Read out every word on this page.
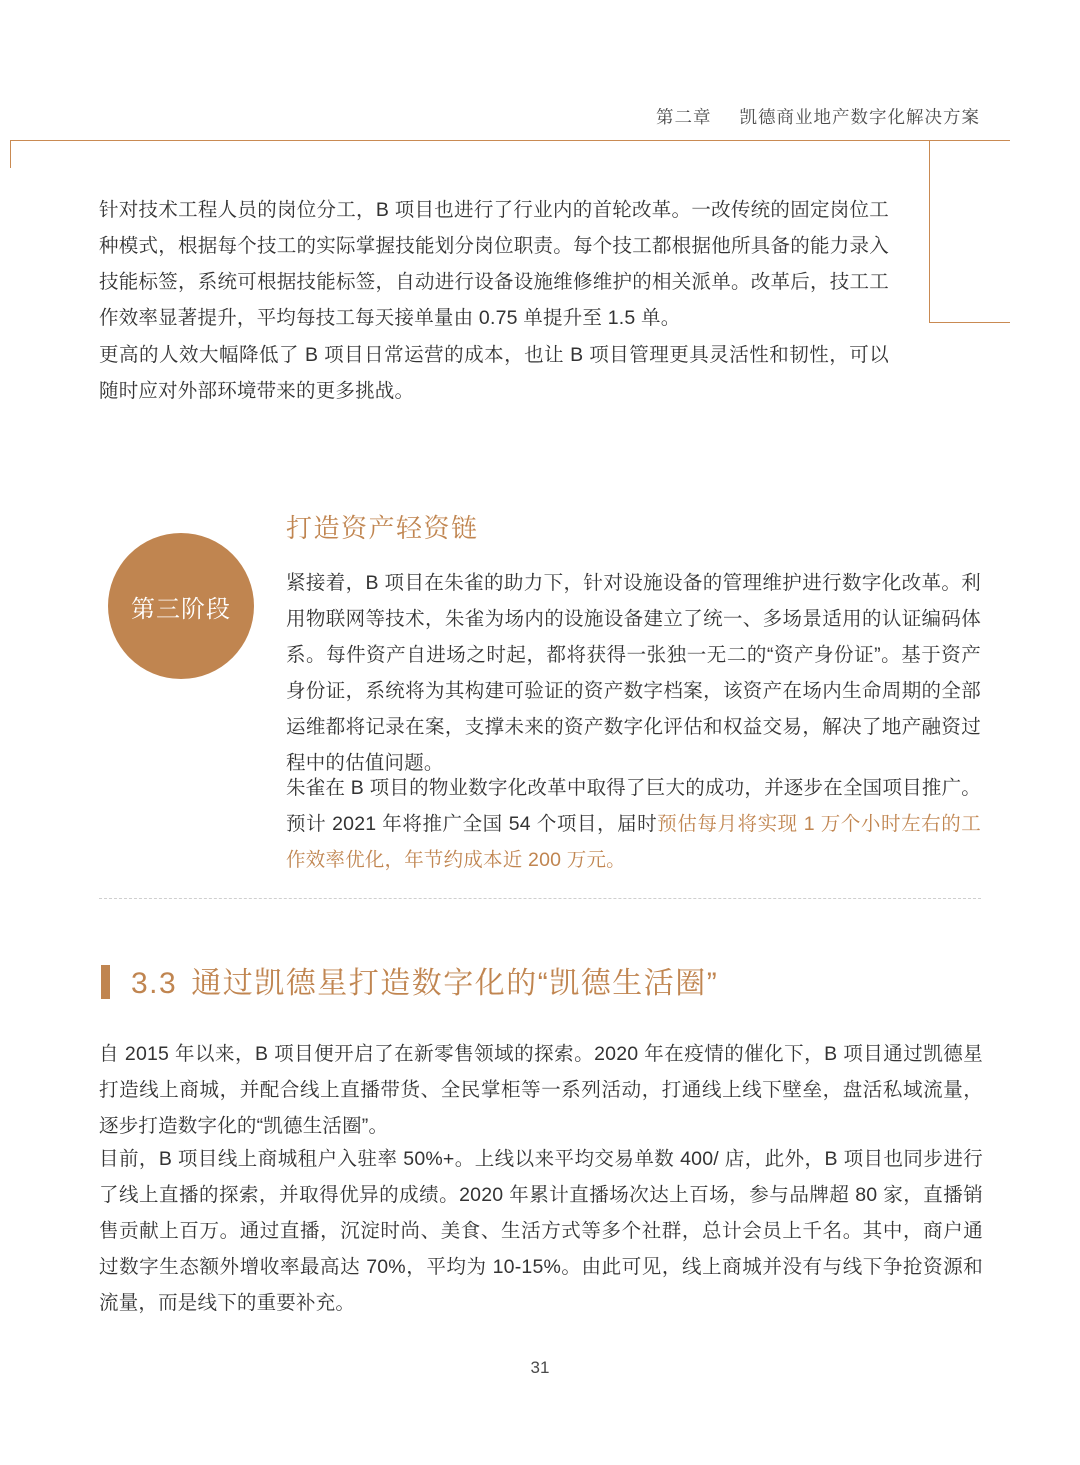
第二章 凯德商业地产数字化解决方案
针对技术工程人员的岗位分工，B 项目也进行了行业内的首轮改革。一改传统的固定岗位工种模式，根据每个技工的实际掌握技能划分岗位职责。每个技工都根据他所具备的能力录入技能标签，系统可根据技能标签，自动进行设备设施维修维护的相关派单。改革后，技工工作效率显著提升，平均每技工每天接单量由 0.75 单提升至 1.5 单。
更高的人效大幅降低了 B 项目日常运营的成本，也让 B 项目管理更具灵活性和韧性，可以随时应对外部环境带来的更多挑战。
第三阶段
打造资产轻资链
紧接着，B 项目在朱雀的助力下，针对设施设备的管理维护进行数字化改革。利用物联网等技术，朱雀为场内的设施设备建立了统一、多场景适用的认证编码体系。每件资产自进场之时起，都将获得一张独一无二的“资产身份证”。基于资产身份证，系统将为其构建可验证的资产数字档案，该资产在场内生命周期的全部运维都将记录在案，支撑未来的资产数字化评估和权益交易，解决了地产融资过程中的估值问题。
朱雀在 B 项目的物业数字化改革中取得了巨大的成功，并逐步在全国项目推广。预计 2021 年将推广全国 54 个项目，届时预估每月将实现 1 万个小时左右的工作效率优化，年节约成本近 200 万元。
3.3 通过凯德星打造数字化的“凯德生活圈”
自 2015 年以来，B 项目便开启了在新零售领域的探索。2020 年在疫情的催化下，B 项目通过凯德星打造线上商城，并配合线上直播带货、全民掌柜等一系列活动，打通线上线下壁垒，盘活私域流量，逐步打造数字化的“凯德生活圈”。
目前，B 项目线上商城租户入驻率 50%+。上线以来平均交易单数 400/ 店，此外，B 项目也同步进行了线上直播的探索，并取得优异的成绩。2020 年累计直播场次达上百场，参与品牌超 80 家，直播销售贡献上百万。通过直播，沉淀时尚、美食、生活方式等多个社群，总计会员上千名。其中，商户通过数字生态额外增收率最高达 70%，平均为 10-15%。由此可见，线上商城并没有与线下争抢资源和流量，而是线下的重要补充。
31
